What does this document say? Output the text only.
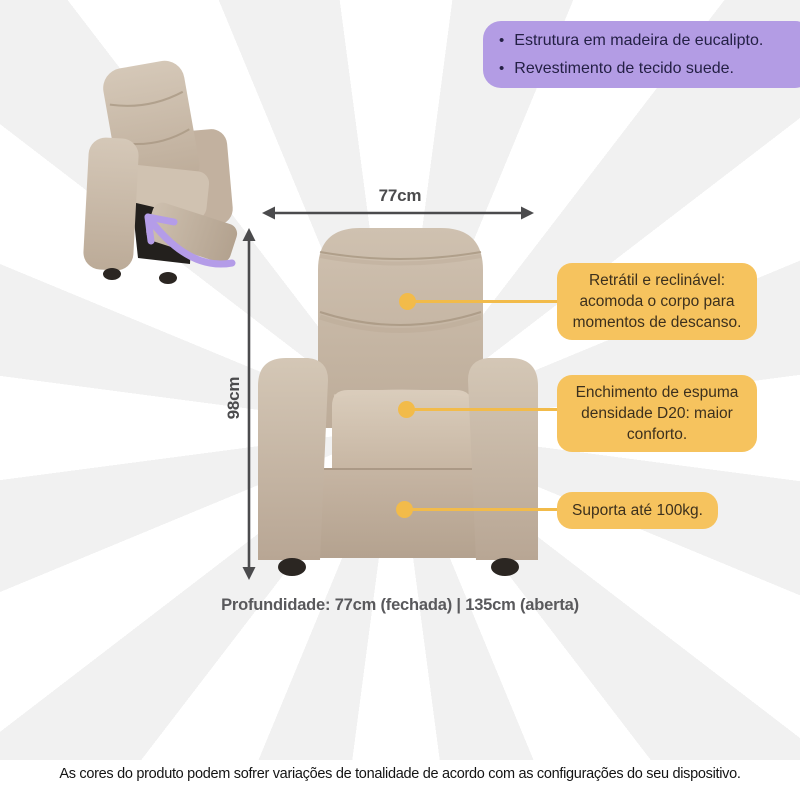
• Estrutura em madeira de eucalipto.
• Revestimento de tecido suede.
77cm
98cm
Retrátil e reclinável: acomoda o corpo para momentos de descanso.
Enchimento de espuma densidade D20: maior conforto.
Suporta até 100kg.
Profundidade: 77cm (fechada) | 135cm (aberta)
As cores do produto podem sofrer variações de tonalidade de acordo com as configurações do seu dispositivo.
